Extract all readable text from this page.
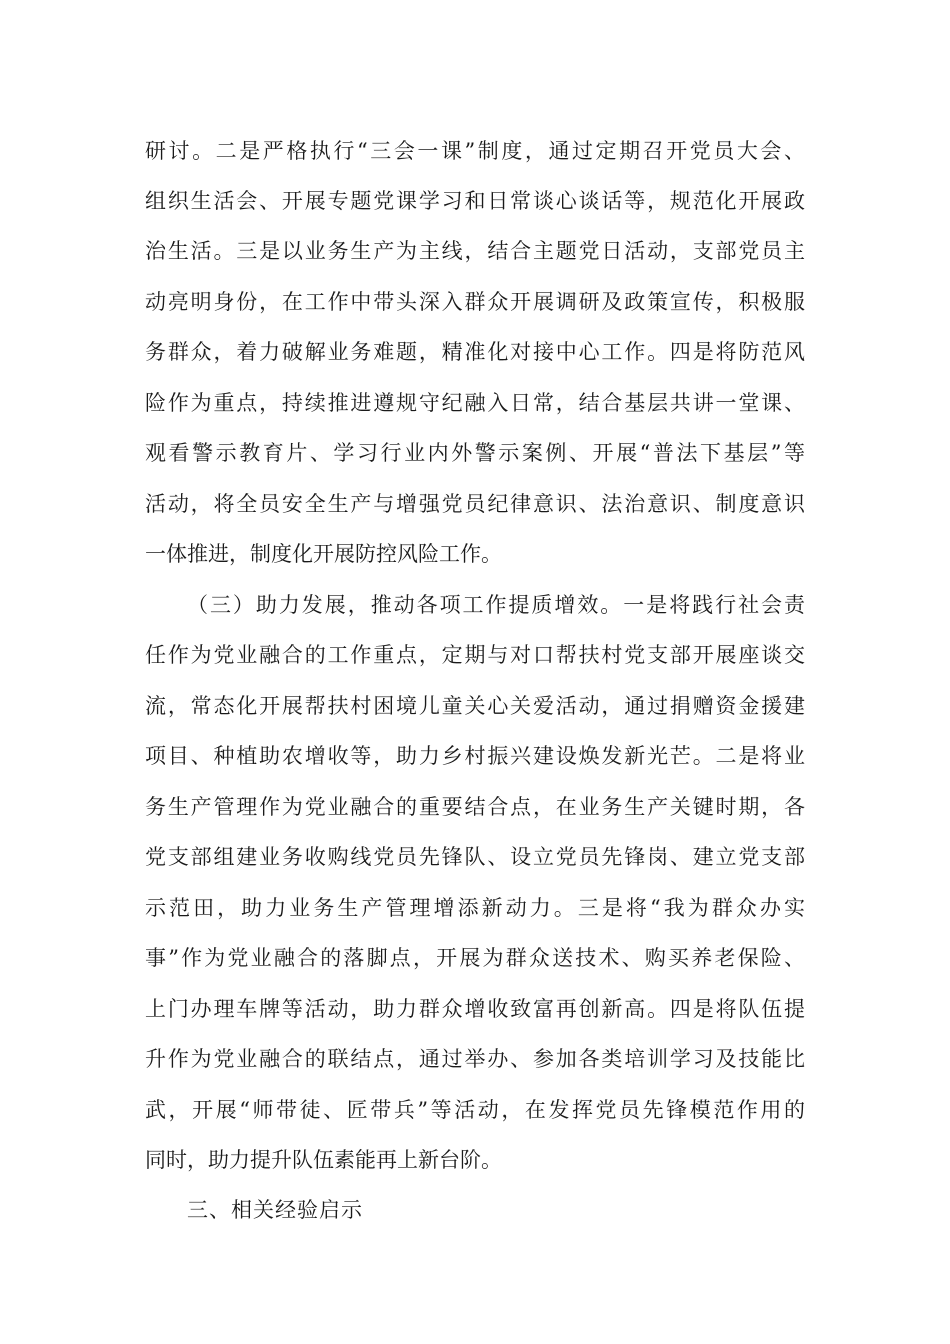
研讨。二是严格执行“三会一课”制度，通过定期召开党员大会、
组织生活会、开展专题党课学习和日常谈心谈话等，规范化开展政
治生活。三是以业务生产为主线，结合主题党日活动，支部党员主
动亮明身份，在工作中带头深入群众开展调研及政策宣传，积极服
务群众，着力破解业务难题，精准化对接中心工作。四是将防范风
险作为重点，持续推进遵规守纪融入日常，结合基层共讲一堂课、
观看警示教育片、学习行业内外警示案例、开展“普法下基层”等
活动，将全员安全生产与增强党员纪律意识、法治意识、制度意识
一体推进，制度化开展防控风险工作。
（三）助力发展，推动各项工作提质增效。一是将践行社会责
任作为党业融合的工作重点，定期与对口帮扶村党支部开展座谈交
流，常态化开展帮扶村困境儿童关心关爱活动，通过捐赠资金援建
项目、种植助农增收等，助力乡村振兴建设焕发新光芒。二是将业
务生产管理作为党业融合的重要结合点，在业务生产关键时期，各
党支部组建业务收购线党员先锋队、设立党员先锋岗、建立党支部
示范田，助力业务生产管理增添新动力。三是将“我为群众办实
事”作为党业融合的落脚点，开展为群众送技术、购买养老保险、
上门办理车牌等活动，助力群众增收致富再创新高。四是将队伍提
升作为党业融合的联结点，通过举办、参加各类培训学习及技能比
武，开展“师带徒、匠带兵”等活动，在发挥党员先锋模范作用的
同时，助力提升队伍素能再上新台阶。
三、相关经验启示
